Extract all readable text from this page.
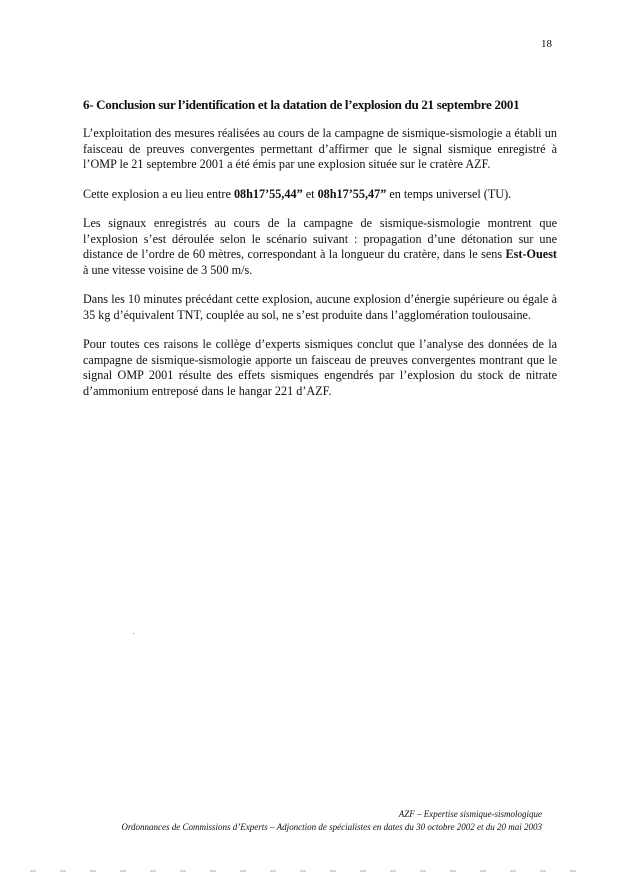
18
6- Conclusion sur l’identification et la datation de l’explosion du 21 septembre 2001

L’exploitation des mesures réalisées au cours de la campagne de sismique-sismologie a établi un faisceau de preuves convergentes permettant d’affirmer que le signal sismique enregistré à l’OMP le 21 septembre 2001 a été émis par une explosion située sur le cratère AZF.

Cette explosion a eu lieu entre 08h17’55,44” et 08h17’55,47” en temps universel (TU).

Les signaux enregistrés au cours de la campagne de sismique-sismologie montrent que l’explosion s’est déroulée selon le scénario suivant : propagation d’une détonation sur une distance de l’ordre de 60 mètres, correspondant à la longueur du cratère, dans le sens Est-Ouest à une vitesse voisine de 3 500 m/s.

Dans les 10 minutes précédant cette explosion, aucune explosion d’énergie supérieure ou égale à 35 kg d’équivalent TNT, couplée au sol, ne s’est produite dans l’agglomération toulousaine.

Pour toutes ces raisons le collège d’experts sismiques conclut que l’analyse des données de la campagne de sismique-sismologie apporte un faisceau de preuves convergentes montrant que le signal OMP 2001 résulte des effets sismiques engendrés par l’explosion du stock de nitrate d’ammonium entreposé dans le hangar 221 d’AZF.

AZF – Expertise sismique-sismologique
Ordonnances de Commissions d’Experts – Adjonction de spécialistes en dates du 30 octobre 2002 et du 20 mai 2003
